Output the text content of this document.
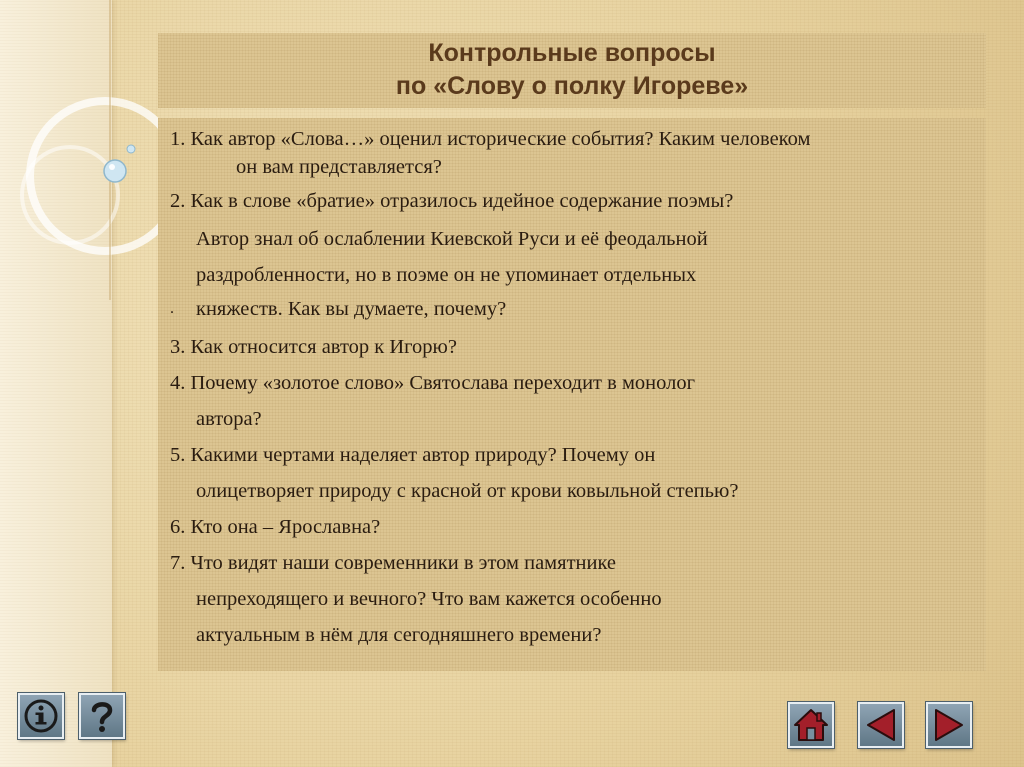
Контрольные вопросы
по «Слову о полку Игореве»
1. Как автор «Слова…» оценил исторические события? Каким человеком
он вам представляется?
2. Как в слове «братие» отразилось идейное содержание поэмы?
Автор знал об ослаблении Киевской Руси и её феодальной
раздробленности, но в поэме он не упоминает отдельных
. княжеств. Как вы думаете, почему?
3. Как относится автор к Игорю?
4. Почему «золотое слово» Святослава переходит в монолог
автора?
5. Какими чертами наделяет автор природу? Почему он
олицетворяет природу с красной от крови ковыльной степью?
6. Кто она – Ярославна?
7. Что видят наши современники в этом памятнике
непреходящего и вечного? Что вам кажется особенно
актуальным в нём для сегодняшнего времени?
